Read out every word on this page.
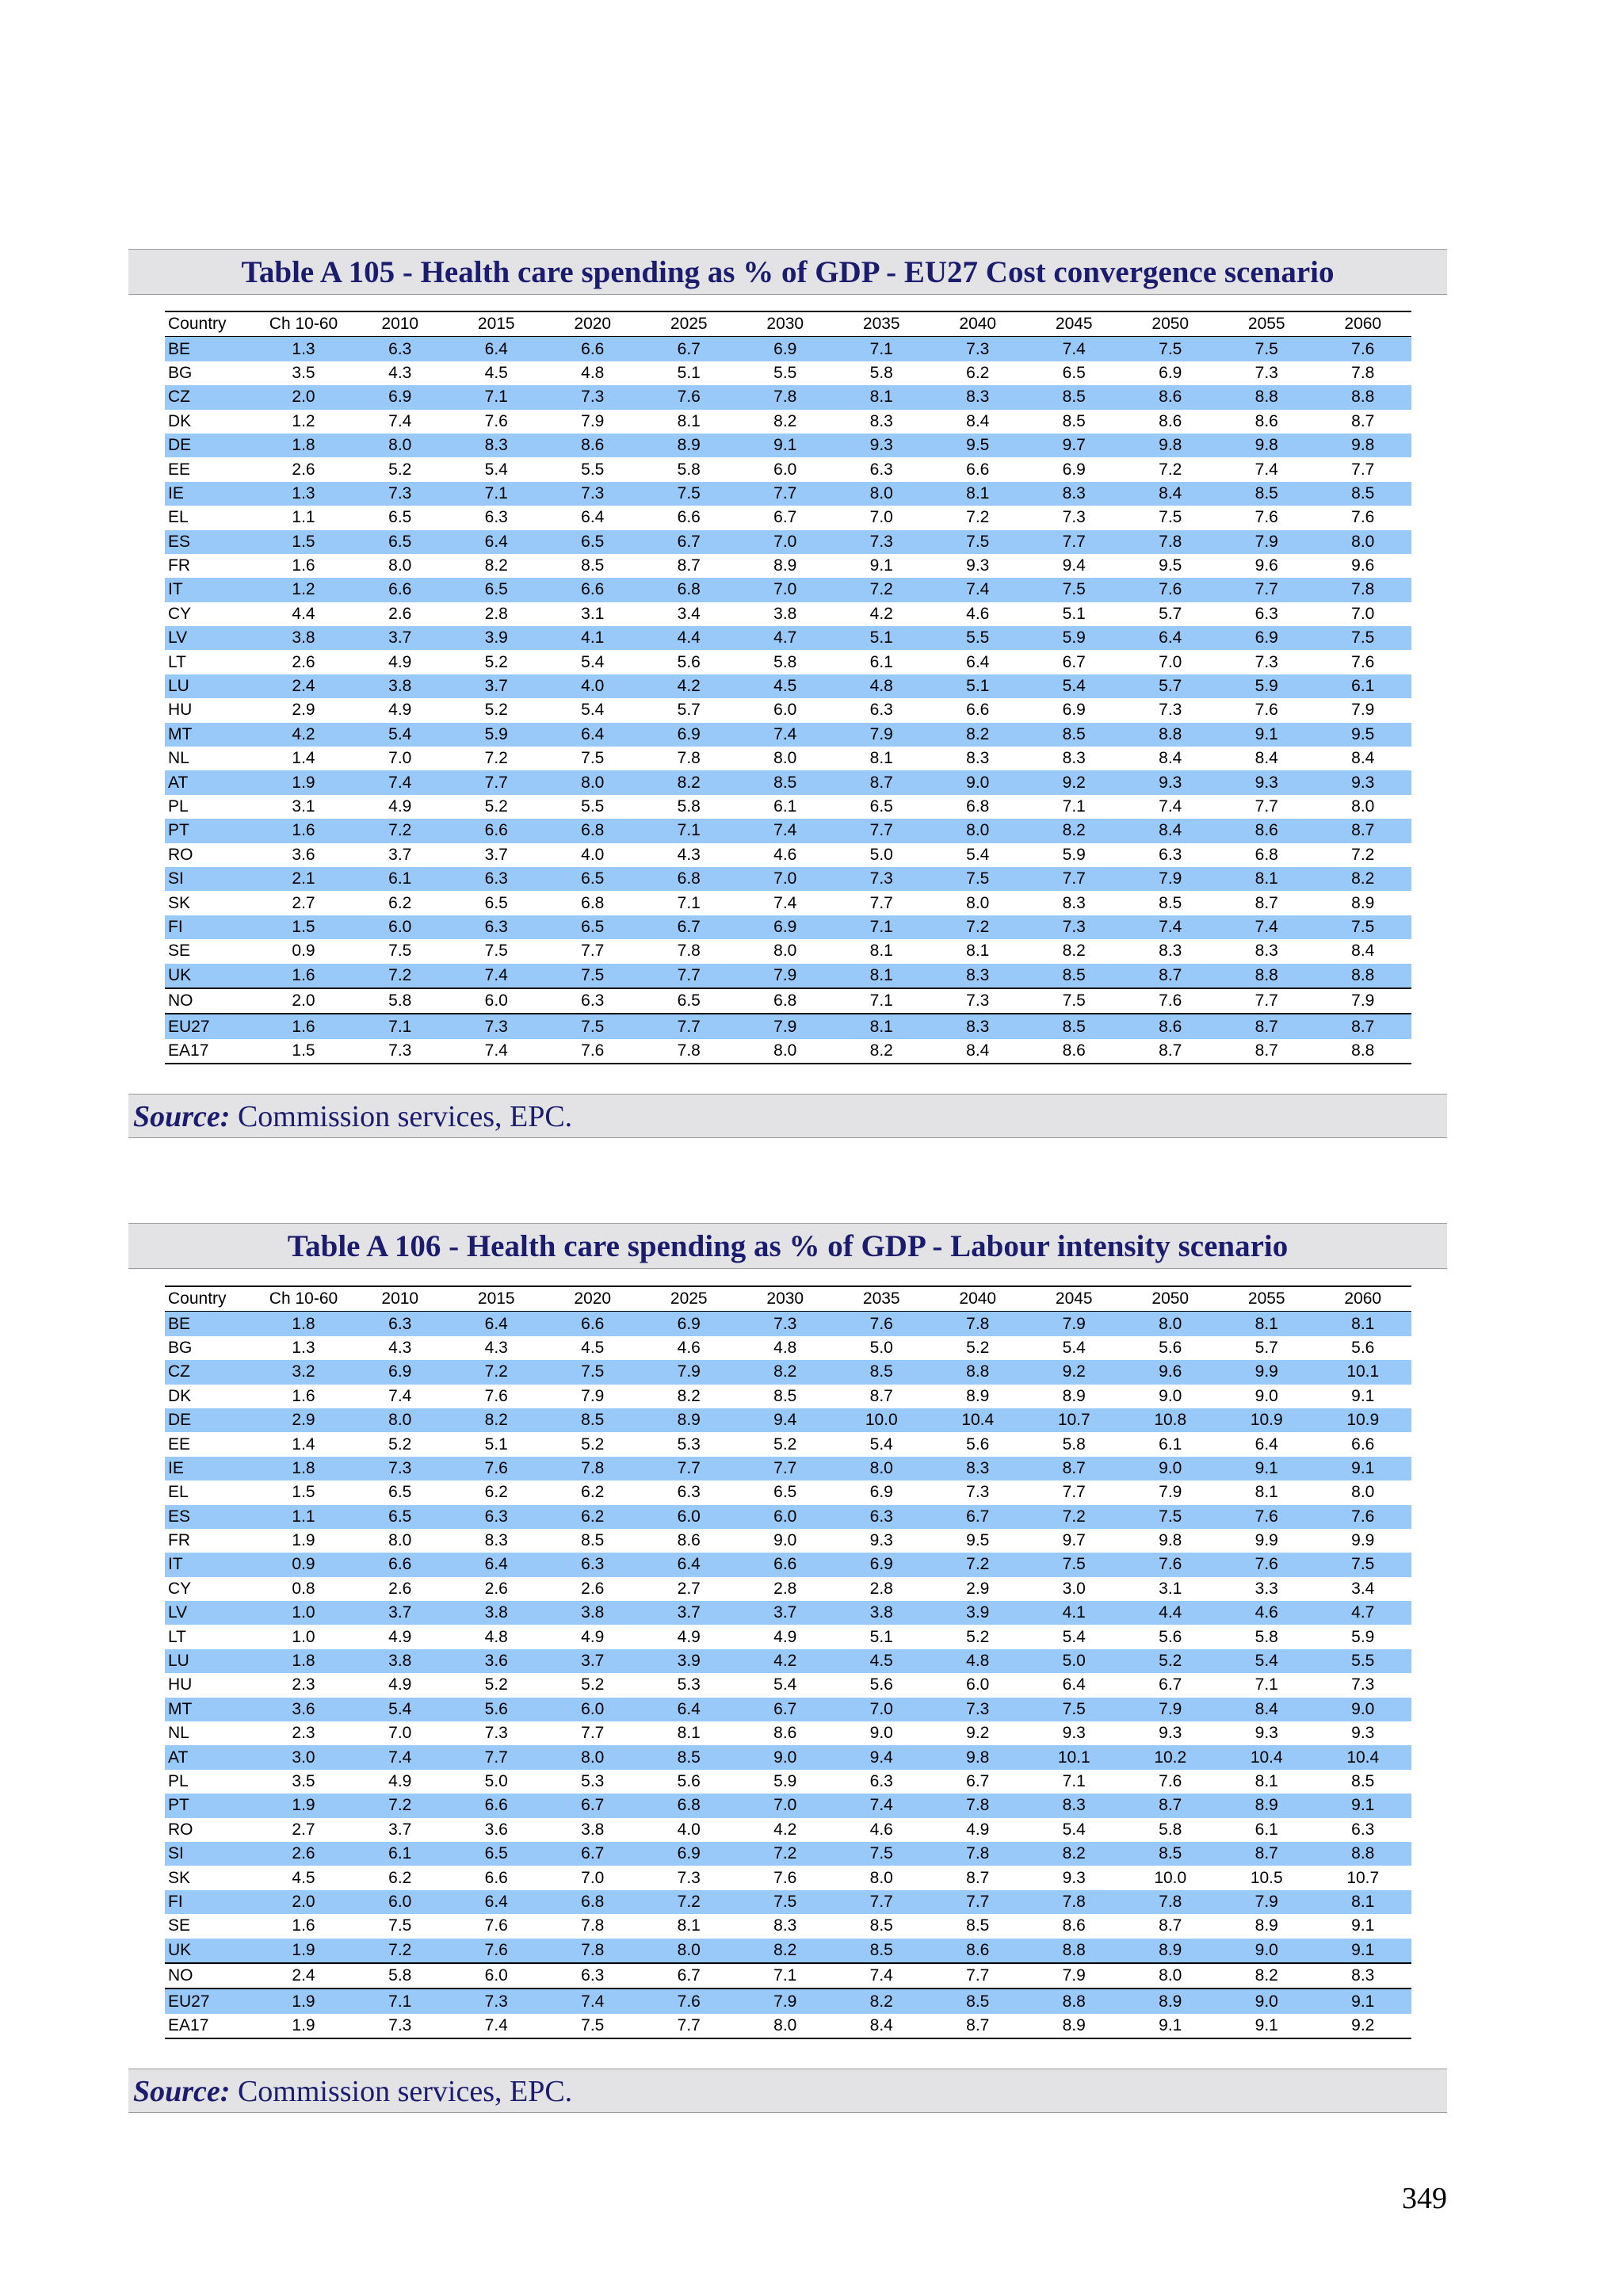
Table A 105 - Health care spending as % of GDP - EU27 Cost convergence scenario
Country	Ch 10-60	2010	2015	2020	2025	2030	2035	2040	2045	2050	2055	2060
BE	1.3	6.3	6.4	6.6	6.7	6.9	7.1	7.3	7.4	7.5	7.5	7.6
BG	3.5	4.3	4.5	4.8	5.1	5.5	5.8	6.2	6.5	6.9	7.3	7.8
CZ	2.0	6.9	7.1	7.3	7.6	7.8	8.1	8.3	8.5	8.6	8.8	8.8
DK	1.2	7.4	7.6	7.9	8.1	8.2	8.3	8.4	8.5	8.6	8.6	8.7
DE	1.8	8.0	8.3	8.6	8.9	9.1	9.3	9.5	9.7	9.8	9.8	9.8
EE	2.6	5.2	5.4	5.5	5.8	6.0	6.3	6.6	6.9	7.2	7.4	7.7
IE	1.3	7.3	7.1	7.3	7.5	7.7	8.0	8.1	8.3	8.4	8.5	8.5
EL	1.1	6.5	6.3	6.4	6.6	6.7	7.0	7.2	7.3	7.5	7.6	7.6
ES	1.5	6.5	6.4	6.5	6.7	7.0	7.3	7.5	7.7	7.8	7.9	8.0
FR	1.6	8.0	8.2	8.5	8.7	8.9	9.1	9.3	9.4	9.5	9.6	9.6
IT	1.2	6.6	6.5	6.6	6.8	7.0	7.2	7.4	7.5	7.6	7.7	7.8
CY	4.4	2.6	2.8	3.1	3.4	3.8	4.2	4.6	5.1	5.7	6.3	7.0
LV	3.8	3.7	3.9	4.1	4.4	4.7	5.1	5.5	5.9	6.4	6.9	7.5
LT	2.6	4.9	5.2	5.4	5.6	5.8	6.1	6.4	6.7	7.0	7.3	7.6
LU	2.4	3.8	3.7	4.0	4.2	4.5	4.8	5.1	5.4	5.7	5.9	6.1
HU	2.9	4.9	5.2	5.4	5.7	6.0	6.3	6.6	6.9	7.3	7.6	7.9
MT	4.2	5.4	5.9	6.4	6.9	7.4	7.9	8.2	8.5	8.8	9.1	9.5
NL	1.4	7.0	7.2	7.5	7.8	8.0	8.1	8.3	8.3	8.4	8.4	8.4
AT	1.9	7.4	7.7	8.0	8.2	8.5	8.7	9.0	9.2	9.3	9.3	9.3
PL	3.1	4.9	5.2	5.5	5.8	6.1	6.5	6.8	7.1	7.4	7.7	8.0
PT	1.6	7.2	6.6	6.8	7.1	7.4	7.7	8.0	8.2	8.4	8.6	8.7
RO	3.6	3.7	3.7	4.0	4.3	4.6	5.0	5.4	5.9	6.3	6.8	7.2
SI	2.1	6.1	6.3	6.5	6.8	7.0	7.3	7.5	7.7	7.9	8.1	8.2
SK	2.7	6.2	6.5	6.8	7.1	7.4	7.7	8.0	8.3	8.5	8.7	8.9
FI	1.5	6.0	6.3	6.5	6.7	6.9	7.1	7.2	7.3	7.4	7.4	7.5
SE	0.9	7.5	7.5	7.7	7.8	8.0	8.1	8.1	8.2	8.3	8.3	8.4
UK	1.6	7.2	7.4	7.5	7.7	7.9	8.1	8.3	8.5	8.7	8.8	8.8
NO	2.0	5.8	6.0	6.3	6.5	6.8	7.1	7.3	7.5	7.6	7.7	7.9
EU27	1.6	7.1	7.3	7.5	7.7	7.9	8.1	8.3	8.5	8.6	8.7	8.7
EA17	1.5	7.3	7.4	7.6	7.8	8.0	8.2	8.4	8.6	8.7	8.7	8.8
Source: Commission services, EPC.
Table A 106 - Health care spending as % of GDP - Labour intensity scenario
Country	Ch 10-60	2010	2015	2020	2025	2030	2035	2040	2045	2050	2055	2060
BE	1.8	6.3	6.4	6.6	6.9	7.3	7.6	7.8	7.9	8.0	8.1	8.1
BG	1.3	4.3	4.3	4.5	4.6	4.8	5.0	5.2	5.4	5.6	5.7	5.6
CZ	3.2	6.9	7.2	7.5	7.9	8.2	8.5	8.8	9.2	9.6	9.9	10.1
DK	1.6	7.4	7.6	7.9	8.2	8.5	8.7	8.9	8.9	9.0	9.0	9.1
DE	2.9	8.0	8.2	8.5	8.9	9.4	10.0	10.4	10.7	10.8	10.9	10.9
EE	1.4	5.2	5.1	5.2	5.3	5.2	5.4	5.6	5.8	6.1	6.4	6.6
IE	1.8	7.3	7.6	7.8	7.7	7.7	8.0	8.3	8.7	9.0	9.1	9.1
EL	1.5	6.5	6.2	6.2	6.3	6.5	6.9	7.3	7.7	7.9	8.1	8.0
ES	1.1	6.5	6.3	6.2	6.0	6.0	6.3	6.7	7.2	7.5	7.6	7.6
FR	1.9	8.0	8.3	8.5	8.6	9.0	9.3	9.5	9.7	9.8	9.9	9.9
IT	0.9	6.6	6.4	6.3	6.4	6.6	6.9	7.2	7.5	7.6	7.6	7.5
CY	0.8	2.6	2.6	2.6	2.7	2.8	2.8	2.9	3.0	3.1	3.3	3.4
LV	1.0	3.7	3.8	3.8	3.7	3.7	3.8	3.9	4.1	4.4	4.6	4.7
LT	1.0	4.9	4.8	4.9	4.9	4.9	5.1	5.2	5.4	5.6	5.8	5.9
LU	1.8	3.8	3.6	3.7	3.9	4.2	4.5	4.8	5.0	5.2	5.4	5.5
HU	2.3	4.9	5.2	5.2	5.3	5.4	5.6	6.0	6.4	6.7	7.1	7.3
MT	3.6	5.4	5.6	6.0	6.4	6.7	7.0	7.3	7.5	7.9	8.4	9.0
NL	2.3	7.0	7.3	7.7	8.1	8.6	9.0	9.2	9.3	9.3	9.3	9.3
AT	3.0	7.4	7.7	8.0	8.5	9.0	9.4	9.8	10.1	10.2	10.4	10.4
PL	3.5	4.9	5.0	5.3	5.6	5.9	6.3	6.7	7.1	7.6	8.1	8.5
PT	1.9	7.2	6.6	6.7	6.8	7.0	7.4	7.8	8.3	8.7	8.9	9.1
RO	2.7	3.7	3.6	3.8	4.0	4.2	4.6	4.9	5.4	5.8	6.1	6.3
SI	2.6	6.1	6.5	6.7	6.9	7.2	7.5	7.8	8.2	8.5	8.7	8.8
SK	4.5	6.2	6.6	7.0	7.3	7.6	8.0	8.7	9.3	10.0	10.5	10.7
FI	2.0	6.0	6.4	6.8	7.2	7.5	7.7	7.7	7.8	7.8	7.9	8.1
SE	1.6	7.5	7.6	7.8	8.1	8.3	8.5	8.5	8.6	8.7	8.9	9.1
UK	1.9	7.2	7.6	7.8	8.0	8.2	8.5	8.6	8.8	8.9	9.0	9.1
NO	2.4	5.8	6.0	6.3	6.7	7.1	7.4	7.7	7.9	8.0	8.2	8.3
EU27	1.9	7.1	7.3	7.4	7.6	7.9	8.2	8.5	8.8	8.9	9.0	9.1
EA17	1.9	7.3	7.4	7.5	7.7	8.0	8.4	8.7	8.9	9.1	9.1	9.2
Source: Commission services, EPC.
349
